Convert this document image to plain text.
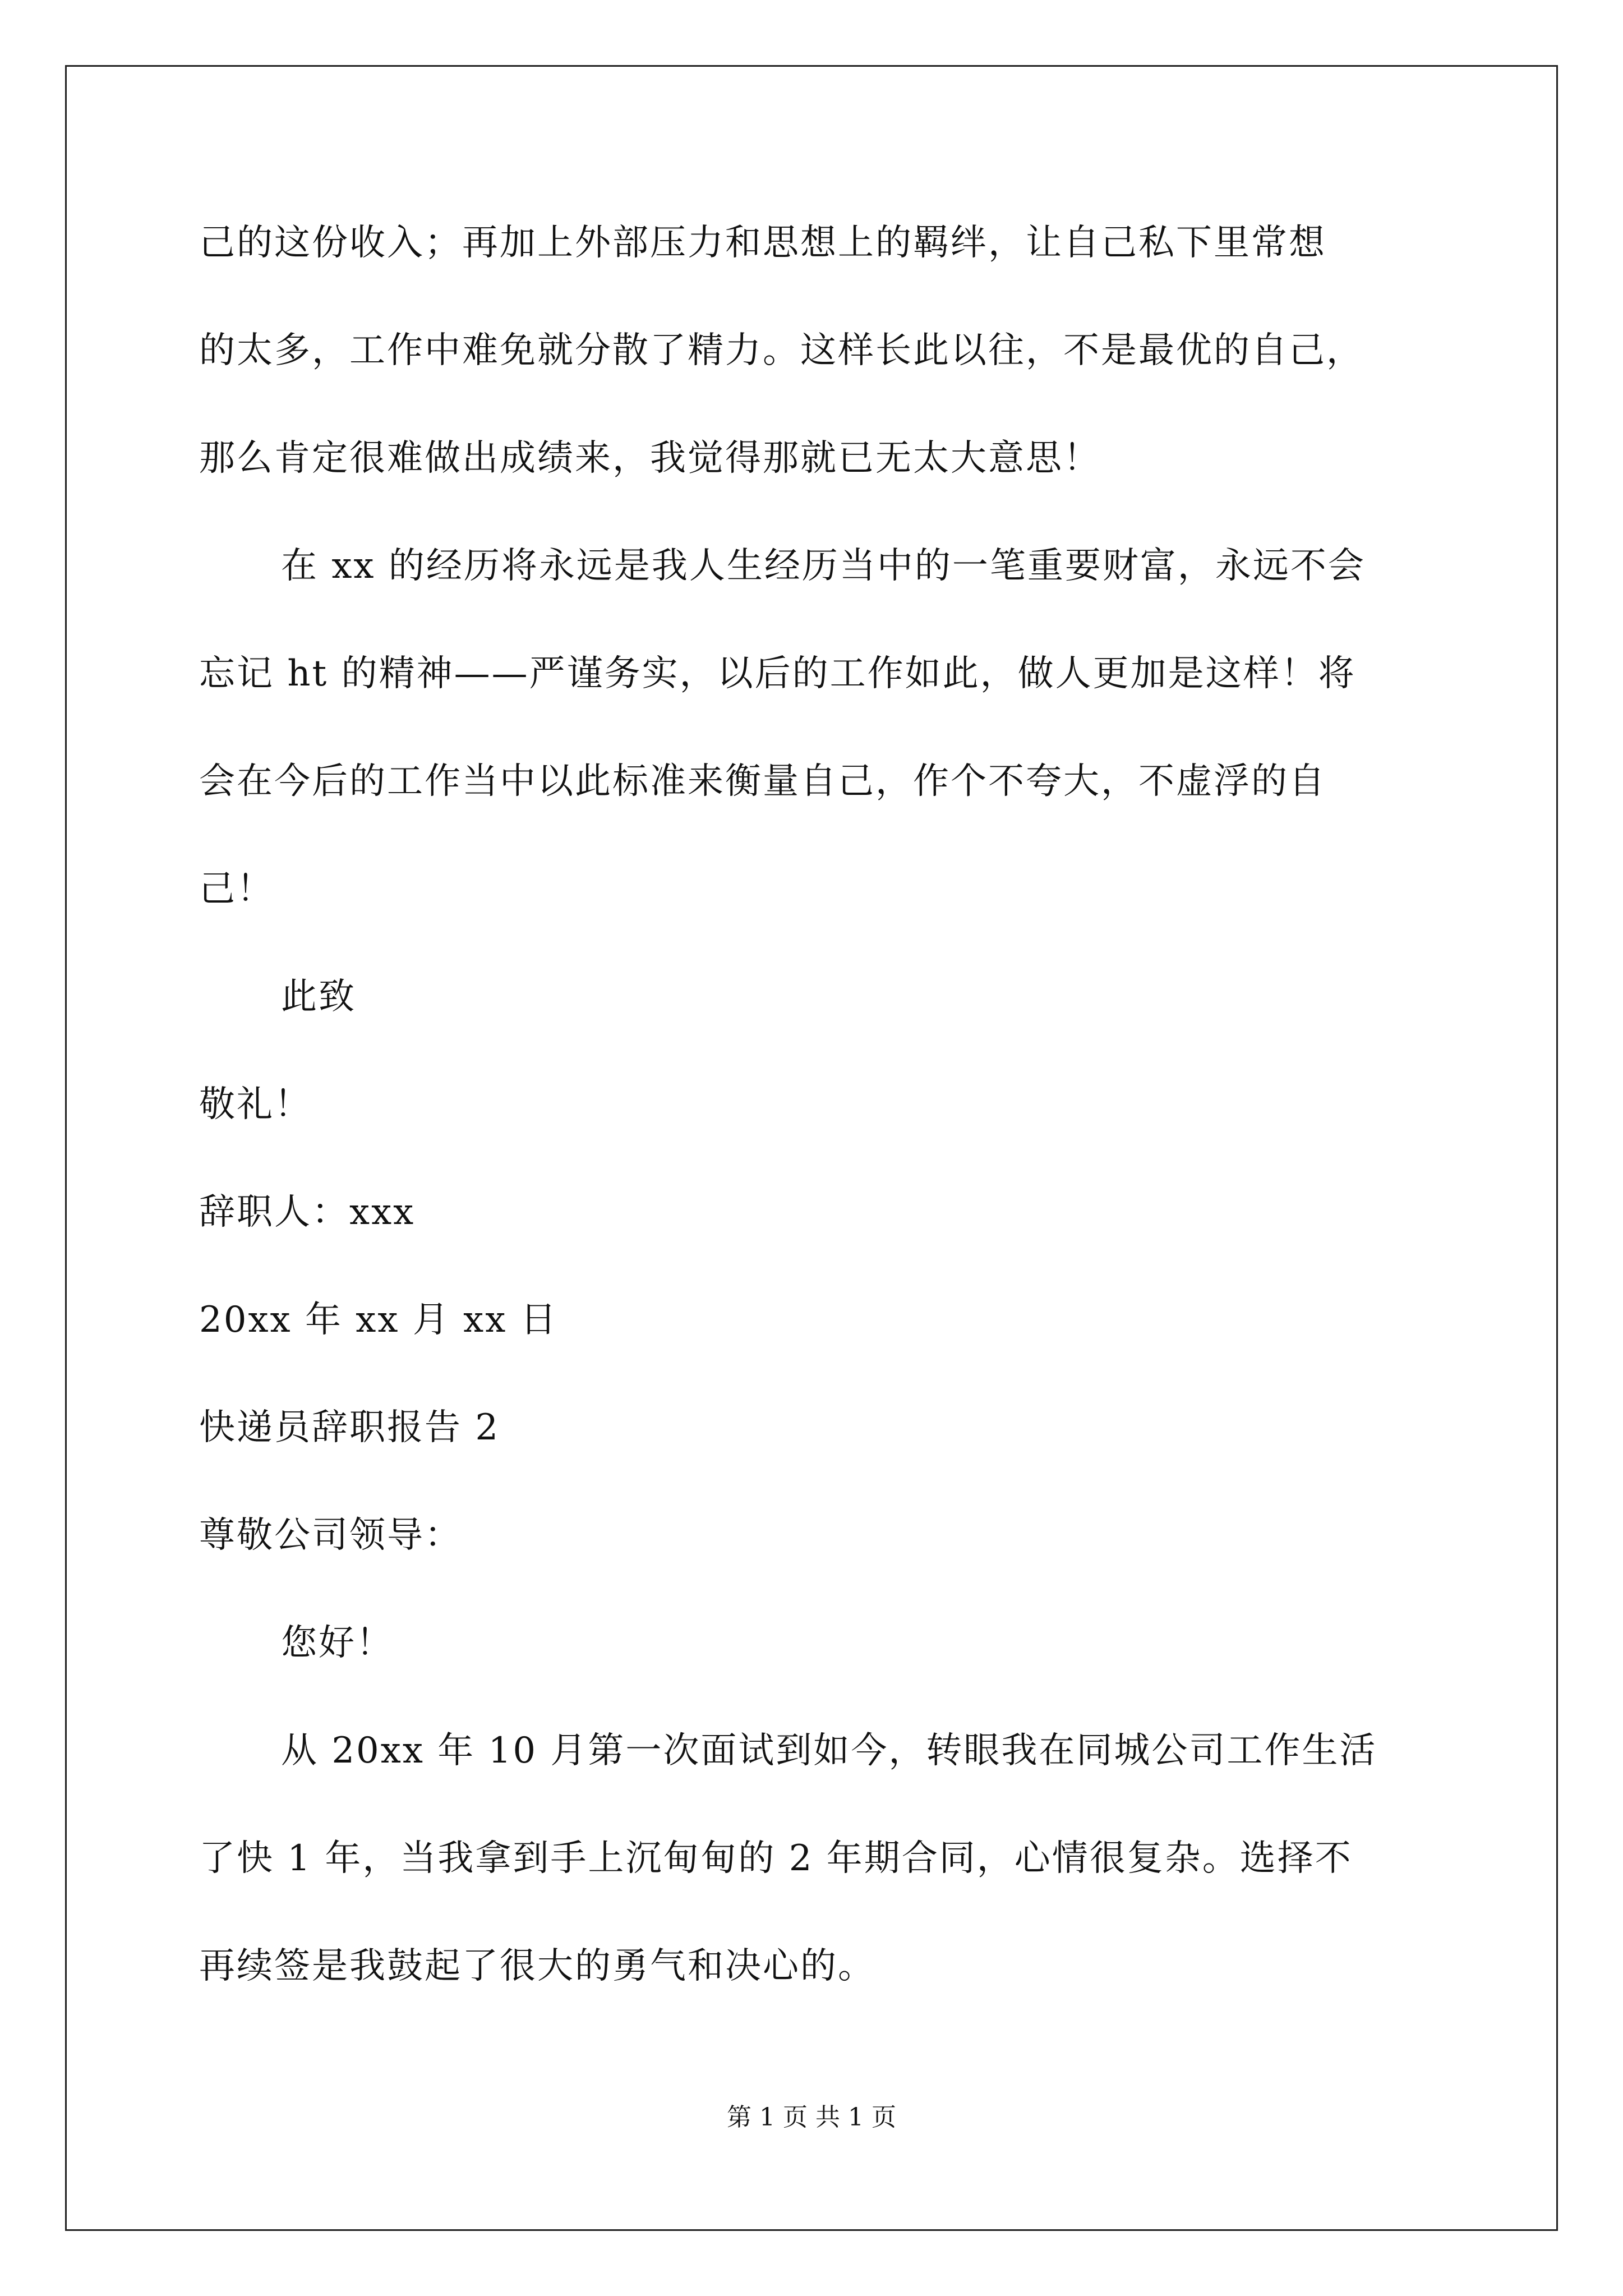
己的这份收入；再加上外部压力和思想上的羁绊，让自己私下里常想
的太多，工作中难免就分散了精力。这样长此以往，不是最优的自己，
那么肯定很难做出成绩来，我觉得那就已无太大意思！
在 xx 的经历将永远是我人生经历当中的一笔重要财富，永远不会
忘记 ht 的精神——严谨务实，以后的工作如此，做人更加是这样！将
会在今后的工作当中以此标准来衡量自己，作个不夸大，不虚浮的自
己！
此致
敬礼！
辞职人：xxx
20xx 年 xx 月 xx 日
快递员辞职报告 2
尊敬公司领导：
您好！
从 20xx 年 10 月第一次面试到如今，转眼我在同城公司工作生活
了快 1 年，当我拿到手上沉甸甸的 2 年期合同，心情很复杂。选择不
再续签是我鼓起了很大的勇气和决心的。
第 1 页 共 1 页
